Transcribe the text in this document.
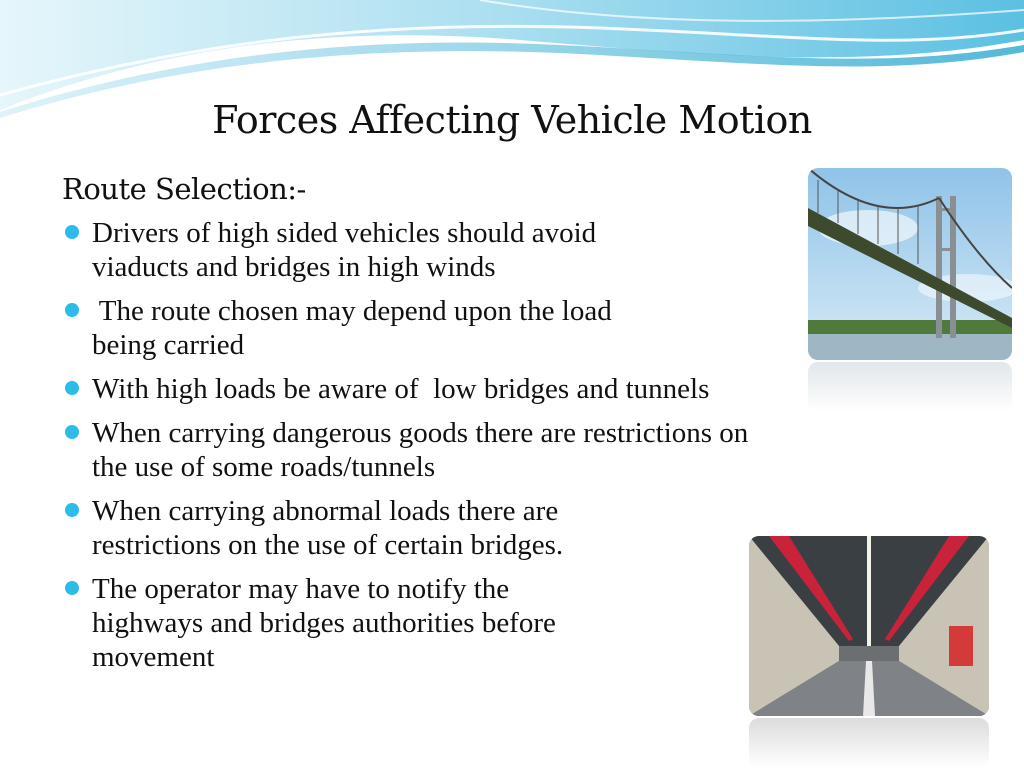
Forces Affecting Vehicle Motion
Route Selection:-
Drivers of high sided vehicles should avoid
viaducts and bridges in high winds
The route chosen may depend upon the load
being carried
With high loads be aware of  low bridges and tunnels
When carrying dangerous goods there are restrictions on
the use of some roads/tunnels
When carrying abnormal loads there are
restrictions on the use of certain bridges.
The operator may have to notify the
highways and bridges authorities before
movement
